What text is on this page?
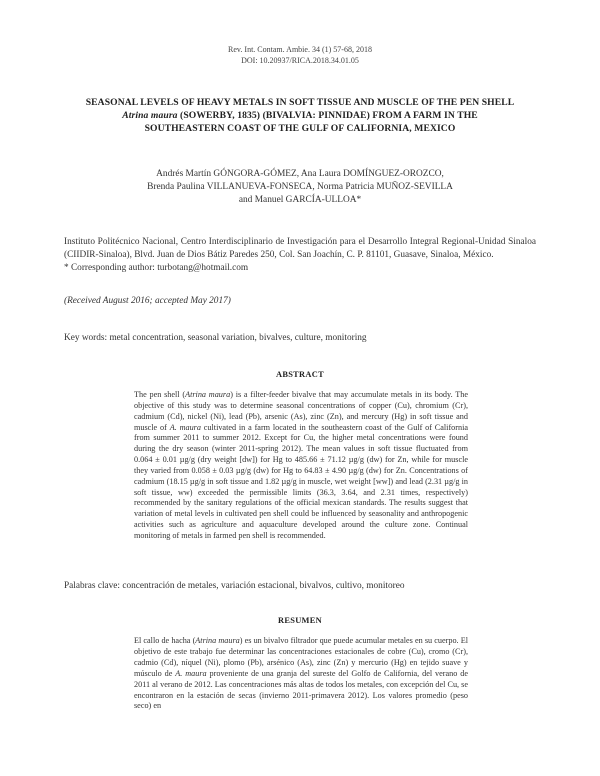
Rev. Int. Contam. Ambie. 34 (1) 57-68, 2018
DOI: 10.20937/RICA.2018.34.01.05
SEASONAL LEVELS OF HEAVY METALS IN SOFT TISSUE AND MUSCLE OF THE PEN SHELL Atrina maura (SOWERBY, 1835) (BIVALVIA: PINNIDAE) FROM A FARM IN THE SOUTHEASTERN COAST OF THE GULF OF CALIFORNIA, MEXICO
Andrés Martín GÓNGORA-GÓMEZ, Ana Laura DOMÍNGUEZ-OROZCO,
Brenda Paulina VILLANUEVA-FONSECA, Norma Patricia MUÑOZ-SEVILLA
and Manuel GARCÍA-ULLOA*
Instituto Politécnico Nacional, Centro Interdisciplinario de Investigación para el Desarrollo Integral Regional-Unidad Sinaloa (CIIDIR-Sinaloa), Blvd. Juan de Dios Bátiz Paredes 250, Col. San Joachín, C. P. 81101, Guasave, Sinaloa, México.
* Corresponding author: turbotang@hotmail.com
(Received August 2016; accepted May 2017)
Key words: metal concentration, seasonal variation, bivalves, culture, monitoring
ABSTRACT
The pen shell (Atrina maura) is a filter-feeder bivalve that may accumulate metals in its body. The objective of this study was to determine seasonal concentrations of copper (Cu), chromium (Cr), cadmium (Cd), nickel (Ni), lead (Pb), arsenic (As), zinc (Zn), and mercury (Hg) in soft tissue and muscle of A. maura cultivated in a farm located in the southeastern coast of the Gulf of California from summer 2011 to summer 2012. Except for Cu, the higher metal concentrations were found during the dry season (winter 2011-spring 2012). The mean values in soft tissue fluctuated from 0.064 ± 0.01 µg/g (dry weight [dw]) for Hg to 485.66 ± 71.12 µg/g (dw) for Zn, while for muscle they varied from 0.058 ± 0.03 µg/g (dw) for Hg to 64.83 ± 4.90 µg/g (dw) for Zn. Concentrations of cadmium (18.15 µg/g in soft tissue and 1.82 µg/g in muscle, wet weight [ww]) and lead (2.31 µg/g in soft tissue, ww) exceeded the permissible limits (36.3, 3.64, and 2.31 times, respectively) recommended by the sanitary regulations of the official mexican standards. The results suggest that variation of metal levels in cultivated pen shell could be influenced by seasonality and anthropogenic activities such as agriculture and aquaculture developed around the culture zone. Continual monitoring of metals in farmed pen shell is recommended.
Palabras clave: concentración de metales, variación estacional, bivalvos, cultivo, monitoreo
RESUMEN
El callo de hacha (Atrina maura) es un bivalvo filtrador que puede acumular metales en su cuerpo. El objetivo de este trabajo fue determinar las concentraciones estacionales de cobre (Cu), cromo (Cr), cadmio (Cd), níquel (Ni), plomo (Pb), arsénico (As), zinc (Zn) y mercurio (Hg) en tejido suave y músculo de A. maura proveniente de una granja del sureste del Golfo de California, del verano de 2011 al verano de 2012. Las concentraciones más altas de todos los metales, con excepción del Cu, se encontraron en la estación de secas (invierno 2011-primavera 2012). Los valores promedio (peso seco) en
